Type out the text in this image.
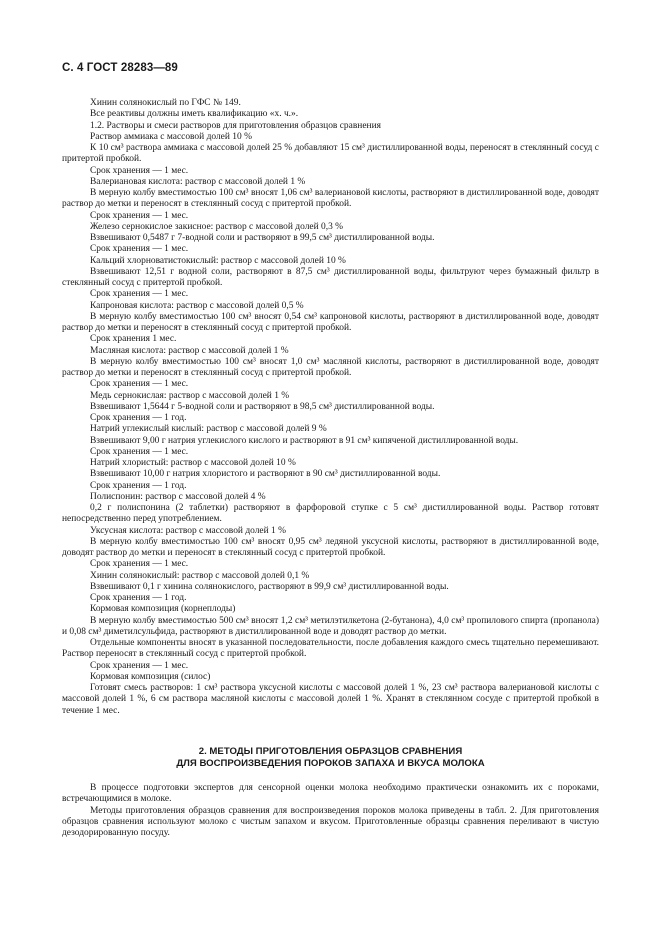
С. 4 ГОСТ 28283—89

Хинин солянокислый по ГФС № 149.

Все реактивы должны иметь квалификацию «х. ч.».

1.2. Растворы и смеси растворов для приготовления образцов сравнения

Раствор аммиака с массовой долей 10 %

К 10 см³ раствора аммиака с массовой долей 25 % добавляют 15 см³ дистиллированной воды, переносят в стеклянный сосуд с притертой пробкой.

Срок хранения — 1 мес.

Валериановая кислота: раствор с массовой долей 1 %

В мерную колбу вместимостью 100 см³ вносят 1,06 см³ валериановой кислоты, растворяют в дистиллированной воде, доводят раствор до метки и переносят в стеклянный сосуд с притертой пробкой.

Срок хранения — 1 мес.

Железо сернокислое закисное: раствор с массовой долей 0,3 %

Взвешивают 0,5487 г 7-водной соли и растворяют в 99,5 см³ дистиллированной воды.

Срок хранения — 1 мес.

Кальций хлорноватистокислый: раствор с массовой долей 10 %

Взвешивают 12,51 г водной соли, растворяют в 87,5 см³ дистиллированной воды, фильтруют через бумажный фильтр в стеклянный сосуд с притертой пробкой.

Срок хранения — 1 мес.

Капроновая кислота: раствор с массовой долей 0,5 %

В мерную колбу вместимостью 100 см³ вносят 0,54 см³ капроновой кислоты, растворяют в дистиллированной воде, доводят раствор до метки и переносят в стеклянный сосуд с притертой пробкой.

Срок хранения 1 мес.

Масляная кислота: раствор с массовой долей 1 %

В мерную колбу вместимостью 100 см³ вносят 1,0 см³ масляной кислоты, растворяют в дистиллированной воде, доводят раствор до метки и переносят в стеклянный сосуд с притертой пробкой.

Срок хранения — 1 мес.

Медь сернокислая: раствор с массовой долей 1 %

Взвешивают 1,5644 г 5-водной соли и растворяют в 98,5 см³ дистиллированной воды.

Срок хранения — 1 год.

Натрий углекислый кислый: раствор с массовой долей 9 %

Взвешивают 9,00 г натрия углекислого кислого и растворяют в 91 см³ кипяченой дистиллированной воды.

Срок хранения — 1 мес.

Натрий хлористый: раствор с массовой долей 10 %

Взвешивают 10,00 г натрия хлористого и растворяют в 90 см³ дистиллированной воды.

Срок хранения — 1 год.

Полиспонин: раствор с массовой долей 4 %

0,2 г полиспонина (2 таблетки) растворяют в фарфоровой ступке с 5 см³ дистиллированной воды. Раствор готовят непосредственно перед употреблением.

Уксусная кислота: раствор с массовой долей 1 %

В мерную колбу вместимостью 100 см³ вносят 0,95 см³ ледяной уксусной кислоты, растворяют в дистиллированной воде, доводят раствор до метки и переносят в стеклянный сосуд с притертой пробкой.

Срок хранения — 1 мес.

Хинин солянокислый: раствор с массовой долей 0,1 %

Взвешивают 0,1 г хинина солянокислого, растворяют в 99,9 см³ дистиллированной воды.

Срок хранения — 1 год.

Кормовая композиция (корнеплоды)

В мерную колбу вместимостью 500 см³ вносят 1,2 см³ метилэтилкетона (2-бутанона), 4,0 см³ пропилового спирта (пропанола) и 0,08 см³ диметилсульфида, растворяют в дистиллированной воде и доводят раствор до метки.

Отдельные компоненты вносят в указанной последовательности, после добавления каждого смесь тщательно перемешивают. Раствор переносят в стеклянный сосуд с притертой пробкой.

Срок хранения — 1 мес.

Кормовая композиция (силос)

Готовят смесь растворов: 1 см³ раствора уксусной кислоты с массовой долей 1 %, 23 см³ раствора валериановой кислоты с массовой долей 1 %, 6 см раствора масляной кислоты с массовой долей 1 %. Хранят в стеклянном сосуде с притертой пробкой в течение 1 мес.

2. МЕТОДЫ ПРИГОТОВЛЕНИЯ ОБРАЗЦОВ СРАВНЕНИЯ
ДЛЯ ВОСПРОИЗВЕДЕНИЯ ПОРОКОВ ЗАПАХА И ВКУСА МОЛОКА

В процессе подготовки экспертов для сенсорной оценки молока необходимо практически ознакомить их с пороками, встречающимися в молоке.

Методы приготовления образцов сравнения для воспроизведения пороков молока приведены в табл. 2. Для приготовления образцов сравнения используют молоко с чистым запахом и вкусом. Приготовленные образцы сравнения переливают в чистую дезодорированную посуду.
